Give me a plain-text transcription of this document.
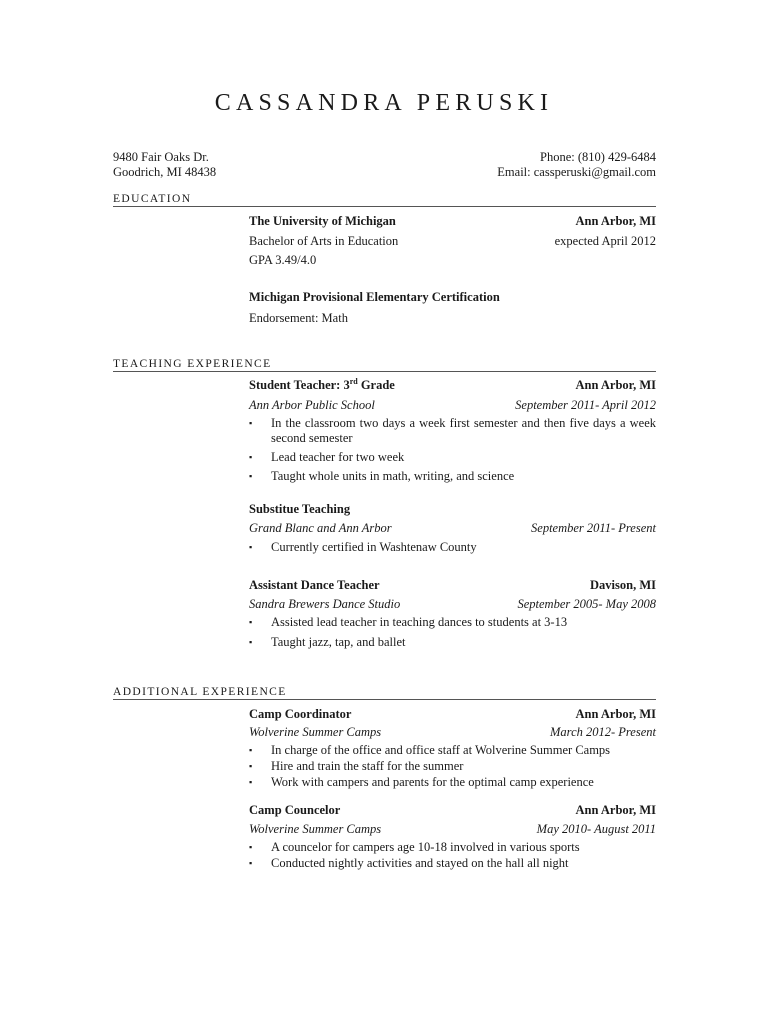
CASSANDRA PERUSKI
9480 Fair Oaks Dr.
Goodrich, MI 48438
Phone: (810) 429-6484
Email: cassperuski@gmail.com
EDUCATION
The University of Michigan	Ann Arbor, MI
Bachelor of Arts in Education	expected April 2012
GPA 3.49/4.0
Michigan Provisional Elementary Certification
Endorsement: Math
TEACHING EXPERIENCE
Student Teacher: 3rd Grade	Ann Arbor, MI
Ann Arbor Public School	September 2011- April 2012
▪ In the classroom two days a week first semester and then five days a week second semester
▪ Lead teacher for two week
▪ Taught whole units in math, writing, and science
Substitue Teaching
Grand Blanc and Ann Arbor	September 2011- Present
▪ Currently certified in Washtenaw County
Assistant Dance Teacher	Davison, MI
Sandra Brewers Dance Studio	September 2005- May 2008
▪ Assisted lead teacher in teaching dances to students at 3-13
▪ Taught jazz, tap, and ballet
ADDITIONAL EXPERIENCE
Camp Coordinator	Ann Arbor, MI
Wolverine Summer Camps	March 2012- Present
▪ In charge of the office and office staff at Wolverine Summer Camps
▪ Hire and train the staff for the summer
▪ Work with campers and parents for the optimal camp experience
Camp Councelor	Ann Arbor, MI
Wolverine Summer Camps	May 2010- August 2011
▪ A councelor for campers age 10-18 involved in various sports
▪ Conducted nightly activities and stayed on the hall all night
